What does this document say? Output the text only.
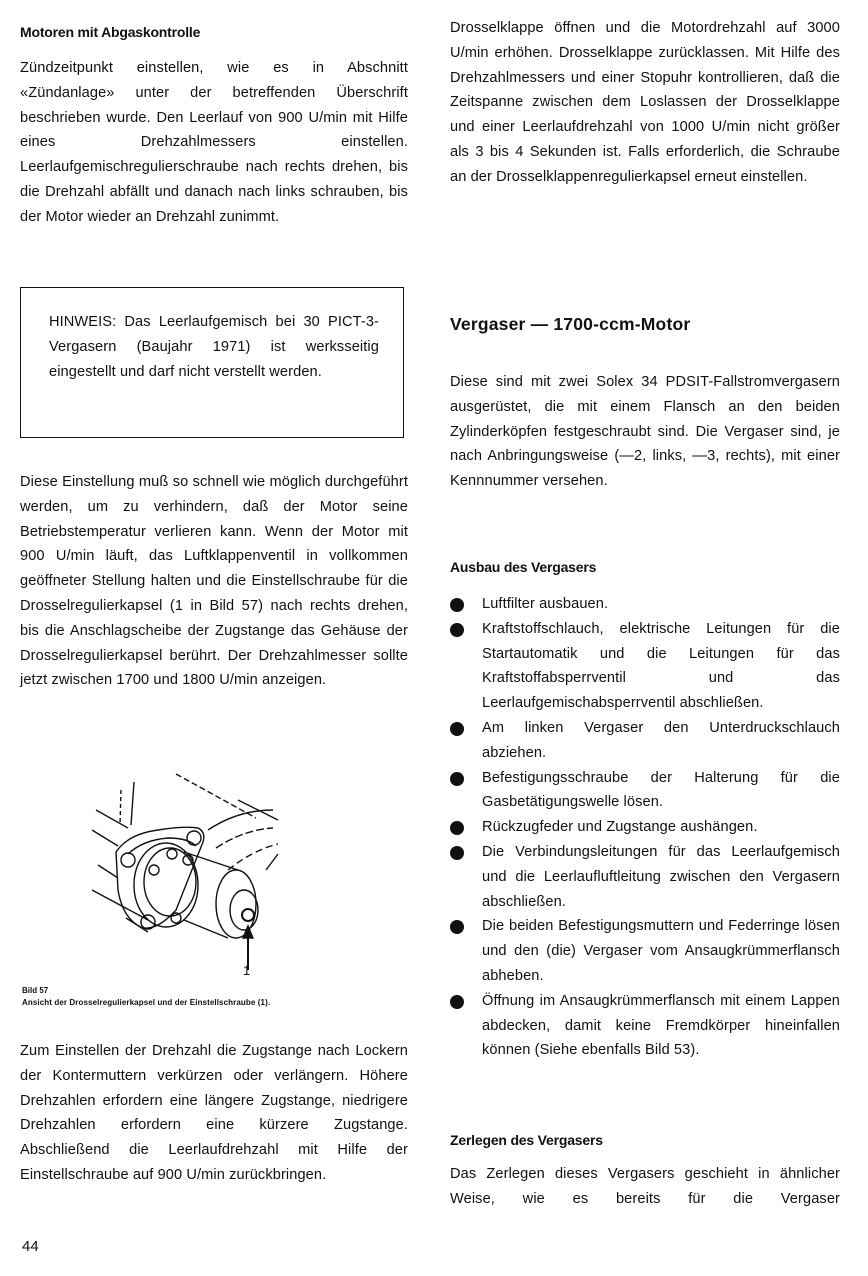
Motoren mit Abgaskontrolle

Zündzeitpunkt einstellen, wie es in Abschnitt «Zündanlage» unter der betreffenden Überschrift beschrieben wurde. Den Leerlauf von 900 U/min mit Hilfe eines Drehzahlmessers einstellen. Leerlaufgemischregulierschraube nach rechts drehen, bis die Drehzahl abfällt und danach nach links schrauben, bis der Motor wieder an Drehzahl zunimmt.

HINWEIS: Das Leerlaufgemisch bei 30 PICT-3-Vergasern (Baujahr 1971) ist werksseitig eingestellt und darf nicht verstellt werden.

Diese Einstellung muß so schnell wie möglich durchgeführt werden, um zu verhindern, daß der Motor seine Betriebstemperatur verlieren kann. Wenn der Motor mit 900 U/min läuft, das Luftklappenventil in vollkommen geöffneter Stellung halten und die Einstellschraube für die Drosselregulierkapsel (1 in Bild 57) nach rechts drehen, bis die Anschlagscheibe der Zugstange das Gehäuse der Drosselregulierkapsel berührt. Der Drehzahlmesser sollte jetzt zwischen 1700 und 1800 U/min anzeigen.

1
Bild 57
Ansicht der Drosselregulierkapsel und der Einstellschraube (1).

Zum Einstellen der Drehzahl die Zugstange nach Lockern der Kontermuttern verkürzen oder verlängern. Höhere Drehzahlen erfordern eine längere Zugstange, niedrigere Drehzahlen erfordern eine kürzere Zugstange. Abschließend die Leerlaufdrehzahl mit Hilfe der Einstellschraube auf 900 U/min zurückbringen.

44

Drosselklappe öffnen und die Motordrehzahl auf 3000 U/min erhöhen. Drosselklappe zurücklassen. Mit Hilfe des Drehzahlmessers und einer Stopuhr kontrollieren, daß die Zeitspanne zwischen dem Loslassen der Drosselklappe und einer Leerlaufdrehzahl von 1000 U/min nicht größer als 3 bis 4 Sekunden ist. Falls erforderlich, die Schraube an der Drosselklappenregulierkapsel erneut einstellen.

Vergaser — 1700-ccm-Motor

Diese sind mit zwei Solex 34 PDSIT-Fallstromvergasern ausgerüstet, die mit einem Flansch an den beiden Zylinderköpfen festgeschraubt sind. Die Vergaser sind, je nach Anbringungsweise (—2, links, —3, rechts), mit einer Kennnummer versehen.

Ausbau des Vergasers
Luftfilter ausbauen.
Kraftstoffschlauch, elektrische Leitungen für die Startautomatik und die Leitungen für das Kraftstoffabsperrventil und das Leerlaufgemischabsperrventil abschließen.
Am linken Vergaser den Unterdruckschlauch abziehen.
Befestigungsschraube der Halterung für die Gasbetätigungswelle lösen.
Rückzugfeder und Zugstange aushängen.
Die Verbindungsleitungen für das Leerlaufgemisch und die Leerlaufluftleitung zwischen den Vergasern abschließen.
Die beiden Befestigungsmuttern und Federringe lösen und den (die) Vergaser vom Ansaugkrümmerflansch abheben.
Öffnung im Ansaugkrümmerflansch mit einem Lappen abdecken, damit keine Fremdkörper hineinfallen können (Siehe ebenfalls Bild 53).
Zerlegen des Vergasers

Das Zerlegen dieses Vergasers geschieht in ähnlicher Weise, wie es bereits für die Vergaser
